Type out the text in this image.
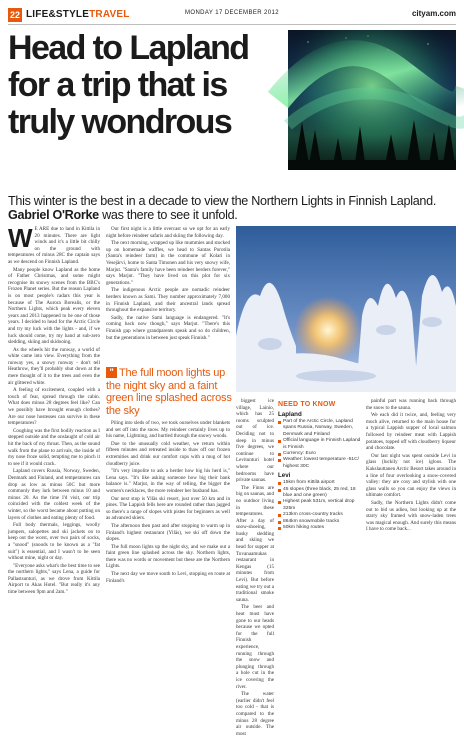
22 LIFE&STYLETRAVEL	MONDAY 17 DECEMBER 2012	cityam.com
Head to Lapland
for a trip that is
truly wondrous
This winter is the best in a decade to view the Northern Lights in Finnish Lapland.
Gabriel O'Rorke was there to see it unfold.

W E ARE due to land in Kittila in 20 minutes. There are light winds and it's a little bit chilly on the ground with temperatures of minus 28C the captain says as we descend on Finnish Lapland.

Many people know Lapland as the home of Father Christmas, and some might recognise its snowy scenes from the BBC's Frozen Planet series. But the reason Lapland is on most people's radars this year is because of The Aurora Borealis, or the Northern Lights, which peak every eleven years and 2013 happened to be one of those years. I decided to head for the Arctic Circle and try my luck with the lights - and, if we luck should come, try my hand at sub-zero sledding, skiing and skidooing.

As the wheels hit the runway, a world of white came into view. Everything from the runway yes, a snowy runway - don't tell Heathrow, they'll probably shut down at the mere thought of it to the trees and even the air glittered white.

A feeling of excitement, coupled with a touch of fear, spread through the cabin. What does minus 28 degrees feel like? Can we possibly have brought enough clothes? Are our nose hostesses can survive in these temperatures?

Coughing was the first bodily reaction as I stepped outside and the onslaught of cold air hit the back of my throat. Then, as the sound walk from the plane to arrivals, the inside of my nose froze solid, tempting me to pinch it to see if it would crack.

Lapland covers Russia, Norway, Sweden, Denmark and Finland, and temperatures can drop as low as minus 50C but more commonly they lurk between minus 10 and minus 20. As the time I'd visit, our trip coincided with the coldest week of the winter, so the worst became about putting on layers of clothes and eating plenty of food.

Full body thermals, leggings, woolly jumpers, salopettes and ski jackets on to keep out the worst, over two pairs of socks, a "snood" (snoods to be known as a "fat suit") is essential, and I wasn't to be seen without mine, night or day.

"Everyone asks what's the best time to see the northern lights," says Lena, a guide for Pallastsunturi, as we drove from Kittila Airport to Akas Hotel. "But really it's any time between 9pm and 2am."

Our first night is a little overcast so we opt for an early night before reindeer safaris and skiing the following day.

The next morning, wrapped up like mummies and stocked up on homemade waffles, we head to Santas Porotila (Santa's reindeer farm) in the commune of Kolari in Vesejärvi, home to Santa Timonen and his very snowy wife, Marjut. "Santa's family have been reindeer herders forever," says Marjut. "They have lived on this plot for six generations."

The indigenous Arctic people are nomadic reindeer herders known as Sami. They number approximately 7,000 in Finnish Lapland, and their ancestral lands spread throughout the expansive territory.

Sadly, the native Sami language is endangered. "It's coming back now though," says Marjut. "There's this Finnish gap where grandparents speak and so do children, but the generations in between just speak Finnish."

Piling into sleds of two, we took ourselves under blankets and set off into the snow. My reindeer certainly lives up to his name, Lightning, and hurtled through the snowy woods.

Due to the unusually cold weather, we return within fifteen minutes and retreated inside to thaw off our frozen extremities and drink our comfort cups with a mug of hot cloudberry juice.

"It's very impolite to ask a herder how big his herd is," Lena says. "It's like asking someone how big their bank balance is." Marjut, in the way of telling, the bigger the women's necklaces, the more reindeer her husband has.

Our next stop is Ylläs ski resort, just over 50 km and in pines. The Lappish fells here are rounded rather than jagged so there's a range of slopes with pistes for beginners as well as advanced skiers.

The afternoon then past and after stopping to warm up in Finland's highest restaurant (Ylläs), we ski off down the slopes.

The full moon lights up the night sky, and we make out a faint green line splashed across the sky. Northern lights, there was no words or movement but these are the Northern Lights.

The next day we move south to Levi, stopping en route at Finland's

" The full moon lights up the night sky and a faint green line splashed across the sky

biggest ice village, Lainio, which has 25 rooms sculpted out of ice. Deciding not to sleep in minus five degrees, we continue to Levitunturi hotel where our bedrooms have private saunas.

The Finns are big on saunas, and no outdoor living in these temperatures. After a day of snow-shoeing, husky sledding and skiing we head for supper at Tuvanaamukas restaurant in Kengas (15 minutes from Levi). But before eating we try out a traditional smoke sauna.

The beer and heat must have gone to our heads because we opted for the full Finnish experience, running through the snow and plunging through a hole cut in the ice covering the river.

The water (earlier didn't feel too cold - that is compared to the minus 28 degree air outside. The most

NEED TO KNOW
Lapland
Part of the Arctic Circle, Lapland spans Russia, Norway, Sweden, Denmark and Finland
Official language in Finnish Lapland is Finnish
Currency: Euro
Weather: lowest temperature -51C/ highest 30C
Levi
15km from Kittilä airport
45 slopes (three black, 25 red, 18 blue and one green)
Highest peak 531m, vertical drop 325m
213km cross-country tracks
864km snowmobile tracks
50km hiking routes

painful part was running back through the snow to the sauna.

We each did it twice, and, feeling very much alive, returned to the main house for a typical Lappish supper of local salmon followed by reindeer meat with Lappish potatoes, topped off with cloudberry liqueur and chocolate.

Our last night was spent outside Levi in glass (luckily not ice) igloos. The Kakslauttanen Arctic Resort takes around in a line of four overlooking a snow-covered valley: they are cosy and stylish with one glass walls so you can enjoy the views in ultimate comfort.

Sadly, the Northern Lights didn't come out to bid us adieu, but looking up at the starry sky framed with snow-laden trees was magical enough. And surely this means I have to come back...
